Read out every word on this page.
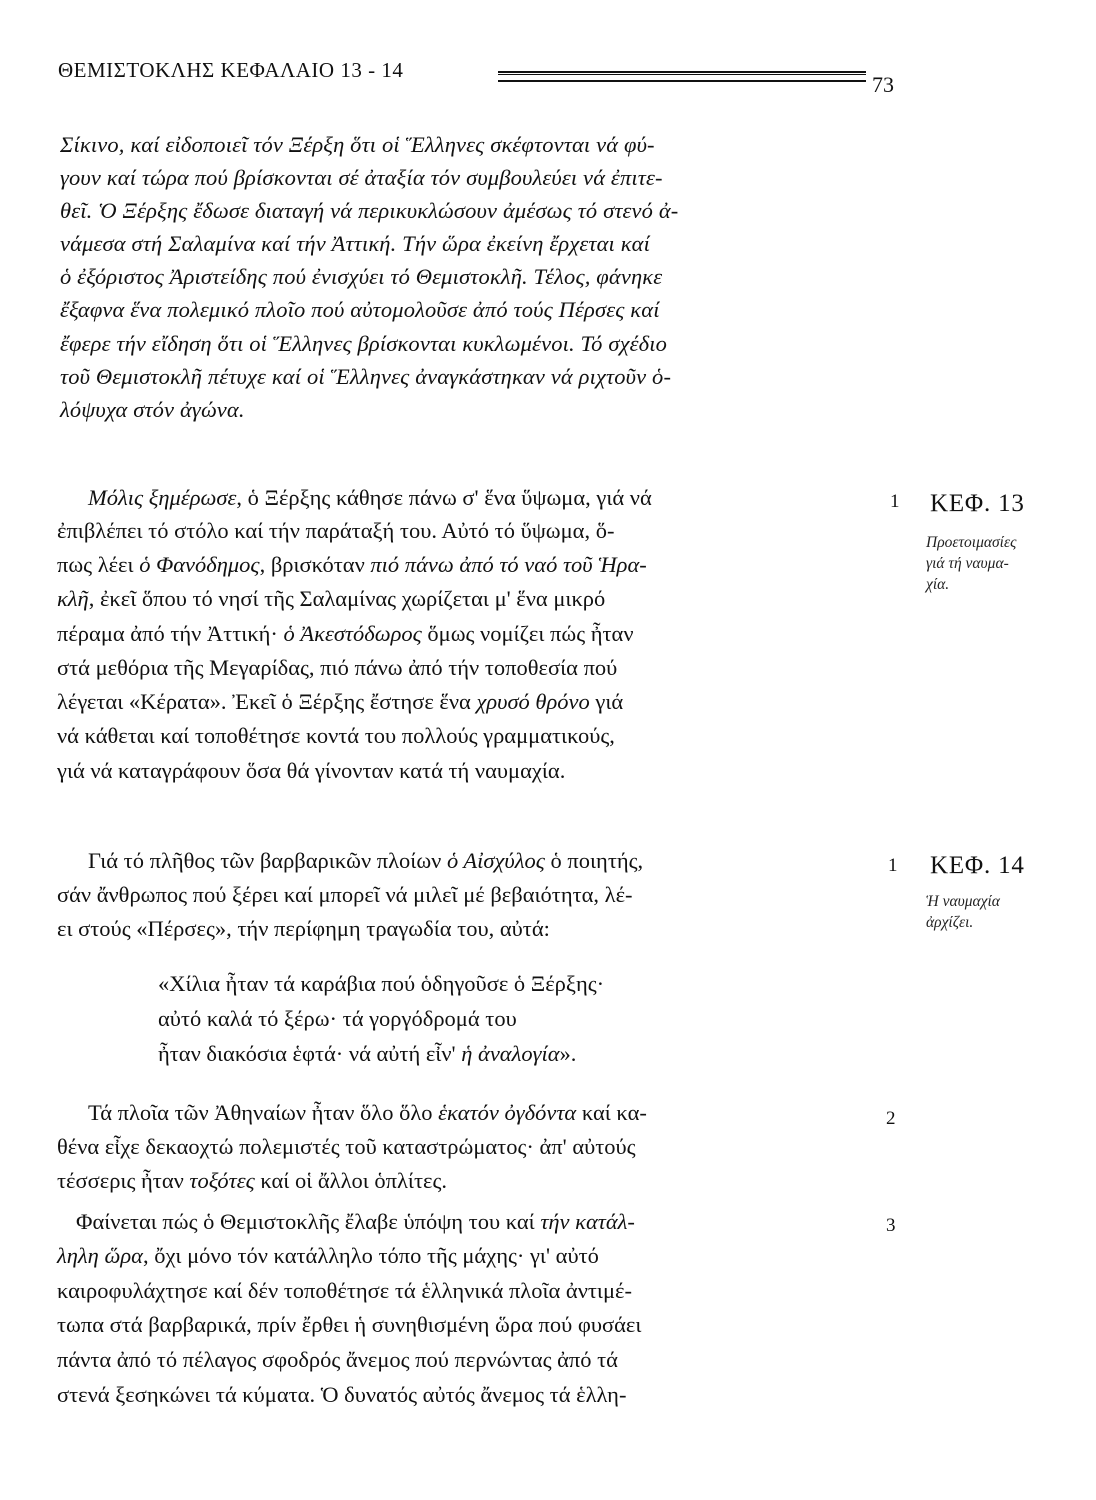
ΘΕΜΙΣΤΟΚΛΗΣ ΚΕΦΑΛΑΙΟ 13 - 14
73
Σίκινο, καί εἰδοποιεῖ τόν Ξέρξη ὅτι οἱ Ἕλληνες σκέφτονται νά φύ-
γουν καί τώρα πού βρίσκονται σέ ἀταξία τόν συμβουλεύει νά ἐπιτε-
θεῖ. Ὁ Ξέρξης ἔδωσε διαταγή νά περικυκλώσουν ἀμέσως τό στενό ἀ-
νάμεσα στή Σαλαμίνα καί τήν Ἀττική. Τήν ὥρα ἐκείνη ἔρχεται καί
ὁ ἐξόριστος Ἀριστείδης πού ἐνισχύει τό Θεμιστοκλῆ. Τέλος, φάνηκε
ἔξαφνα ἕνα πολεμικό πλοῖο πού αὐτομολοῦσε ἀπό τούς Πέρσες καί
ἔφερε τήν εἴδηση ὅτι οἱ Ἕλληνες βρίσκονται κυκλωμένοι. Τό σχέδιο
τοῦ Θεμιστοκλῆ πέτυχε καί οἱ Ἕλληνες ἀναγκάστηκαν νά ριχτοῦν ὁ-
λόψυχα στόν ἀγώνα.
Μόλις ξημέρωσε, ὁ Ξέρξης κάθησε πάνω σ' ἕνα ὕψωμα, γιά νά
ἐπιβλέπει τό στόλο καί τήν παράταξή του. Αὐτό τό ὕψωμα, ὅ-
πως λέει ὁ Φανόδημος, βρισκόταν πιό πάνω ἀπό τό ναό τοῦ Ἡρα-
κλῆ, ἐκεῖ ὅπου τό νησί τῆς Σαλαμίνας χωρίζεται μ' ἕνα μικρό
πέραμα ἀπό τήν Ἀττική· ὁ Ἀκεστόδωρος ὅμως νομίζει πώς ἦταν
στά μεθόρια τῆς Μεγαρίδας, πιό πάνω ἀπό τήν τοποθεσία πού
λέγεται «Κέρατα». Ἐκεῖ ὁ Ξέρξης ἔστησε ἕνα χρυσό θρόνο γιά
νά κάθεται καί τοποθέτησε κοντά του πολλούς γραμματικούς,
γιά νά καταγράφουν ὅσα θά γίνονταν κατά τή ναυμαχία.
1 ΚΕΦ. 13
Προετοιμασίες
γιά τή ναυμα-
χία.
Γιά τό πλῆθος τῶν βαρβαρικῶν πλοίων ὁ Αἰσχύλος ὁ ποιητής,
σάν ἄνθρωπος πού ξέρει καί μπορεῖ νά μιλεῖ μέ βεβαιότητα, λέ-
ει στούς «Πέρσες», τήν περίφημη τραγωδία του, αὐτά:
«Χίλια ἦταν τά καράβια πού ὁδηγοῦσε ὁ Ξέρξης·
αὐτό καλά τό ξέρω· τά γοργόδρομά του
ἦταν διακόσια ἑφτά· νά αὐτή εἶν' ἡ ἀναλογία».
1 ΚΕΦ. 14
Ἡ ναυμαχία
ἀρχίζει.
Τά πλοῖα τῶν Ἀθηναίων ἦταν ὅλο ὅλο ἑκατόν ὀγδόντα καί κα-
θένα εἶχε δεκαοχτώ πολεμιστές τοῦ καταστρώματος· ἀπ' αὐτούς
τέσσερις ἦταν τοξότες καί οἱ ἄλλοι ὁπλίτες.
2
Φαίνεται πώς ὁ Θεμιστοκλῆς ἔλαβε ὑπόψη του καί τήν κατάλ-
ληλη ὥρα, ὄχι μόνο τόν κατάλληλο τόπο τῆς μάχης· γι' αὐτό
καιροφυλάχτησε καί δέν τοποθέτησε τά ἑλληνικά πλοῖα ἀντιμέ-
τωπα στά βαρβαρικά, πρίν ἔρθει ἡ συνηθισμένη ὥρα πού φυσάει
πάντα ἀπό τό πέλαγος σφοδρός ἄνεμος πού περνώντας ἀπό τά
στενά ξεσηκώνει τά κύματα. Ὁ δυνατός αὐτός ἄνεμος τά ἑλλη-
3
